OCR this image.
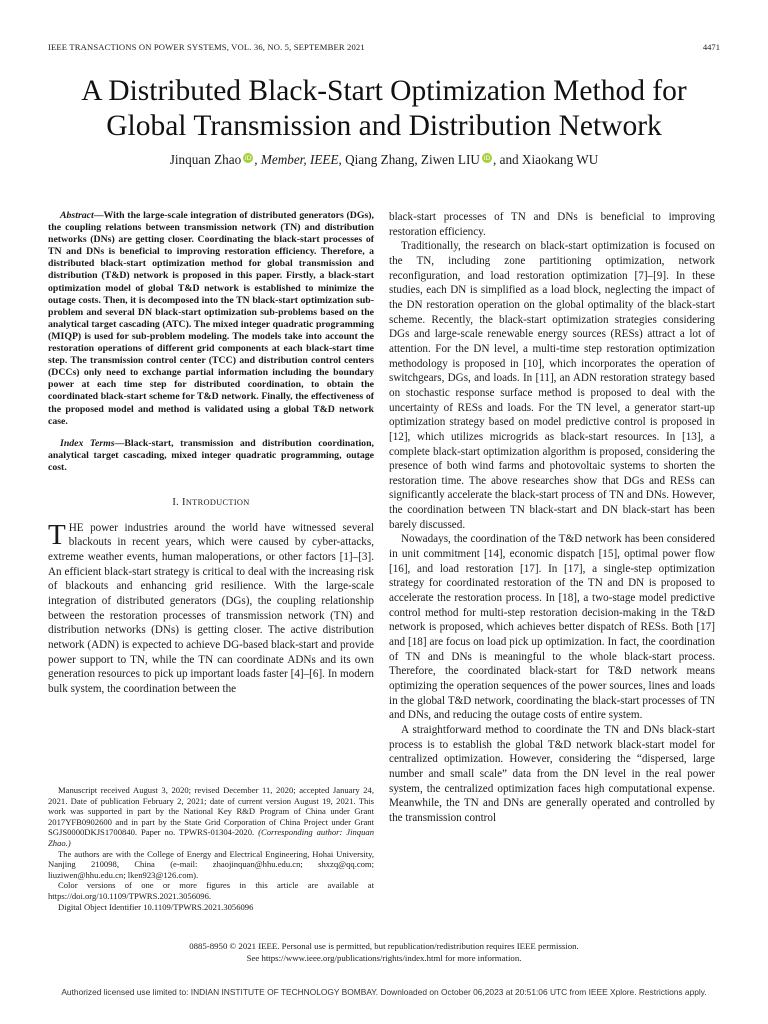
IEEE TRANSACTIONS ON POWER SYSTEMS, VOL. 36, NO. 5, SEPTEMBER 2021	4471
A Distributed Black-Start Optimization Method for
Global Transmission and Distribution Network
Jinquan Zhao  iD , Member, IEEE, Qiang Zhang, Ziwen LIU  iD , and Xiaokang WU

Abstract—With the large-scale integration of distributed generators (DGs), the coupling relations between transmission network (TN) and distribution networks (DNs) are getting closer. Coordinating the black-start processes of TN and DNs is beneficial to improving restoration efficiency. Therefore, a distributed black-start optimization method for global transmission and distribution (T&D) network is proposed in this paper. Firstly, a black-start optimization model of global T&D network is established to minimize the outage costs. Then, it is decomposed into the TN black-start optimization sub-problem and several DN black-start optimization sub-problems based on the analytical target cascading (ATC). The mixed integer quadratic programming (MIQP) is used for sub-problem modeling. The models take into account the restoration operations of different grid components at each black-start time step. The transmission control center (TCC) and distribution control centers (DCCs) only need to exchange partial information including the boundary power at each time step for distributed coordination, to obtain the coordinated black-start scheme for T&D network. Finally, the effectiveness of the proposed model and method is validated using a global T&D network case.

Index Terms—Black-start, transmission and distribution coordination, analytical target cascading, mixed integer quadratic programming, outage cost.

I. INTRODUCTION

THE power industries around the world have witnessed several blackouts in recent years, which were caused by cyber-attacks, extreme weather events, human maloperations, or other factors [1]–[3]. An efficient black-start strategy is critical to deal with the increasing risk of blackouts and enhancing grid resilience. With the large-scale integration of distributed generators (DGs), the coupling relationship between the restoration processes of transmission network (TN) and distribution networks (DNs) is getting closer. The active distribution network (ADN) is expected to achieve DG-based black-start and provide power support to TN, while the TN can coordinate ADNs and its own generation resources to pick up important loads faster [4]–[6]. In modern bulk system, the coordination between the

Manuscript received August 3, 2020; revised December 11, 2020; accepted January 24, 2021. Date of publication February 2, 2021; date of current version August 19, 2021. This work was supported in part by the National Key R&D Program of China under Grant 2017YFB0902600 and in part by the State Grid Corporation of China Project under Grant SGJS0000DKJS1700840. Paper no. TPWRS-01304-2020. (Corresponding author: Jinquan Zhao.)

The authors are with the College of Energy and Electrical Engineering, Hohai University, Nanjing 210098, China (e-mail: zhaojinquan@hhu.edu.cn; shxzq@qq.com; liuziwen@hhu.edu.cn; lken923@126.com).

Color versions of one or more figures in this article are available at https://doi.org/10.1109/TPWRS.2021.3056096.

Digital Object Identifier 10.1109/TPWRS.2021.3056096

black-start processes of TN and DNs is beneficial to improving restoration efficiency.

Traditionally, the research on black-start optimization is focused on the TN, including zone partitioning optimization, network reconfiguration, and load restoration optimization [7]–[9]. In these studies, each DN is simplified as a load block, neglecting the impact of the DN restoration operation on the global optimality of the black-start scheme. Recently, the black-start optimization strategies considering DGs and large-scale renewable energy sources (RESs) attract a lot of attention. For the DN level, a multi-time step restoration optimization methodology is proposed in [10], which incorporates the operation of switchgears, DGs, and loads. In [11], an ADN restoration strategy based on stochastic response surface method is proposed to deal with the uncertainty of RESs and loads. For the TN level, a generator start-up optimization strategy based on model predictive control is proposed in [12], which utilizes microgrids as black-start resources. In [13], a complete black-start optimization algorithm is proposed, considering the presence of both wind farms and photovoltaic systems to shorten the restoration time. The above researches show that DGs and RESs can significantly accelerate the black-start process of TN and DNs. However, the coordination between TN black-start and DN black-start has been barely discussed.

Nowadays, the coordination of the T&D network has been considered in unit commitment [14], economic dispatch [15], optimal power flow [16], and load restoration [17]. In [17], a single-step optimization strategy for coordinated restoration of the TN and DN is proposed to accelerate the restoration process. In [18], a two-stage model predictive control method for multi-step restoration decision-making in the T&D network is proposed, which achieves better dispatch of RESs. Both [17] and [18] are focus on load pick up optimization. In fact, the coordination of TN and DNs is meaningful to the whole black-start process. Therefore, the coordinated black-start for T&D network means optimizing the operation sequences of the power sources, lines and loads in the global T&D network, coordinating the black-start processes of TN and DNs, and reducing the outage costs of entire system.

A straightforward method to coordinate the TN and DNs black-start process is to establish the global T&D network black-start model for centralized optimization. However, considering the “dispersed, large number and small scale” data from the DN level in the real power system, the centralized optimization faces high computational expense. Meanwhile, the TN and DNs are generally operated and controlled by the transmission control

0885-8950 © 2021 IEEE. Personal use is permitted, but republication/redistribution requires IEEE permission.
See https://www.ieee.org/publications/rights/index.html for more information.
Authorized licensed use limited to: INDIAN INSTITUTE OF TECHNOLOGY BOMBAY. Downloaded on October 06,2023 at 20:51:06 UTC from IEEE Xplore. Restrictions apply.
